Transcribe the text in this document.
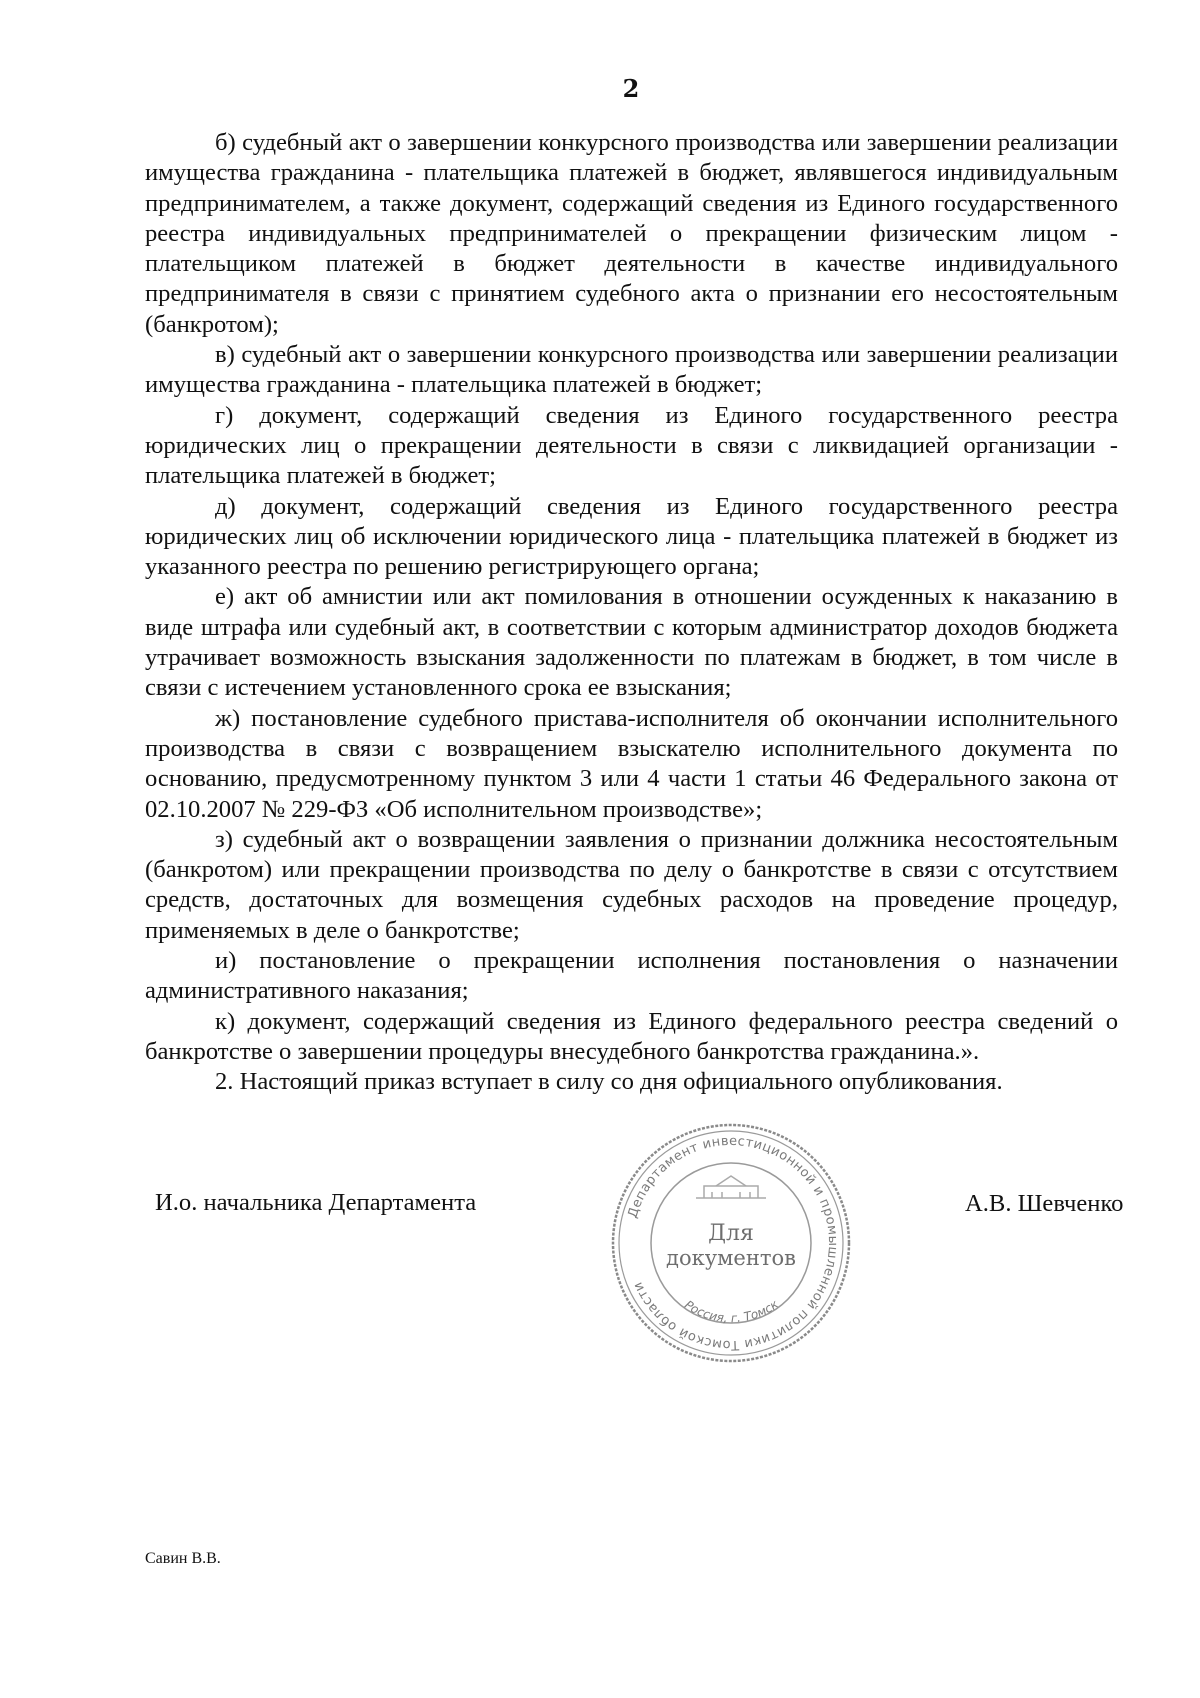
2

б) судебный акт о завершении конкурсного производства или завершении реализации имущества гражданина - плательщика платежей в бюджет, являвшегося индивидуальным предпринимателем, а также документ, содержащий сведения из Единого государственного реестра индивидуальных предпринимателей о прекращении физическим лицом - плательщиком платежей в бюджет деятельности в качестве индивидуального предпринимателя в связи с принятием судебного акта о признании его несостоятельным (банкротом);

в) судебный акт о завершении конкурсного производства или завершении реализации имущества гражданина - плательщика платежей в бюджет;

г) документ, содержащий сведения из Единого государственного реестра юридических лиц о прекращении деятельности в связи с ликвидацией организации - плательщика платежей в бюджет;

д) документ, содержащий сведения из Единого государственного реестра юридических лиц об исключении юридического лица - плательщика платежей в бюджет из указанного реестра по решению регистрирующего органа;

е) акт об амнистии или акт помилования в отношении осужденных к наказанию в виде штрафа или судебный акт, в соответствии с которым администратор доходов бюджета утрачивает возможность взыскания задолженности по платежам в бюджет, в том числе в связи с истечением установленного срока ее взыскания;

ж) постановление судебного пристава-исполнителя об окончании исполнительного производства в связи с возвращением взыскателю исполнительного документа по основанию, предусмотренному пунктом 3 или 4 части 1 статьи 46 Федерального закона от 02.10.2007 № 229-ФЗ «Об исполнительном производстве»;

з) судебный акт о возвращении заявления о признании должника несостоятельным (банкротом) или прекращении производства по делу о банкротстве в связи с отсутствием средств, достаточных для возмещения судебных расходов на проведение процедур, применяемых в деле о банкротстве;

и) постановление о прекращении исполнения постановления о назначении административного наказания;

к) документ, содержащий сведения из Единого федерального реестра сведений о банкротстве о завершении процедуры внесудебного банкротства гражданина.».

2. Настоящий приказ вступает в силу со дня официального опубликования.

И.о. начальника Департамента	Департамент инвестиционной и промышленной политики Томской области
Россия, г. Томск
Для
документов
А.В. Шевченко
Савин В.В.
